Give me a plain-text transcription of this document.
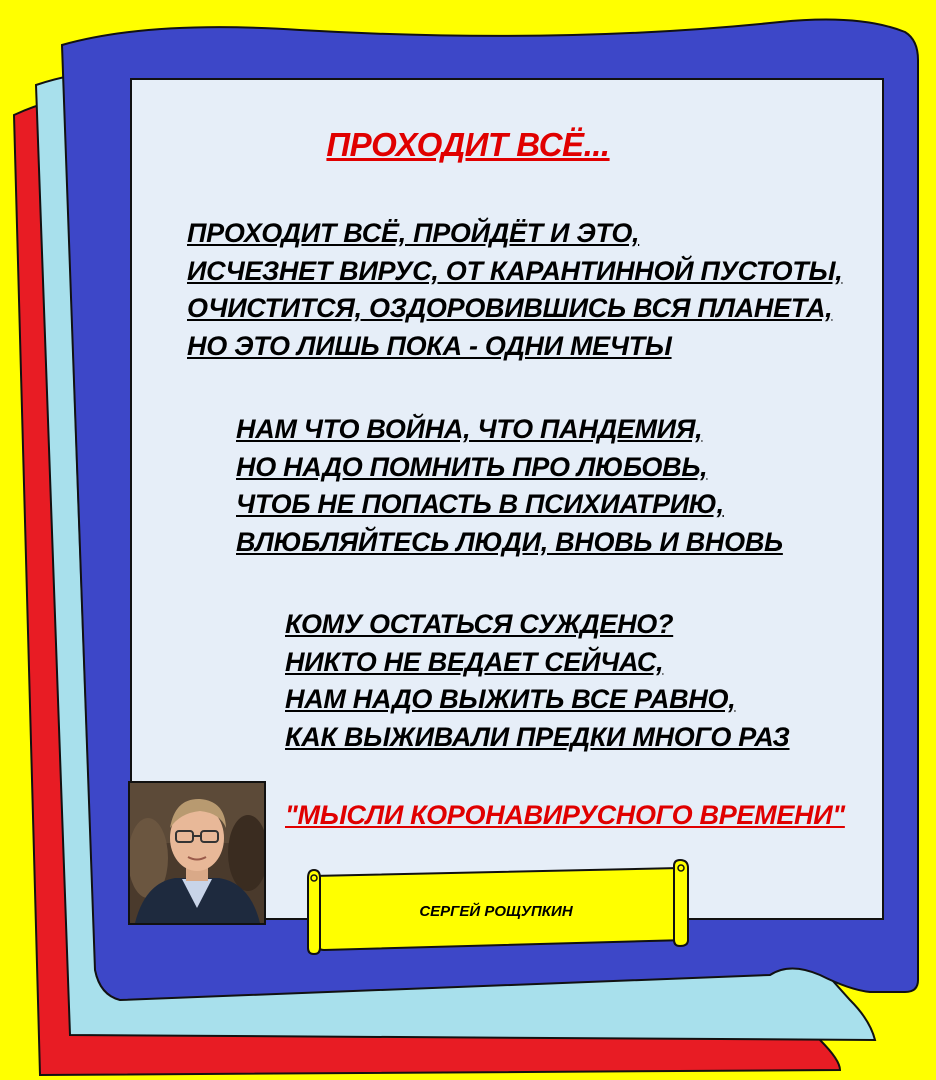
ПРОХОДИТ ВСЁ...
ПРОХОДИТ ВСЁ, ПРОЙДЁТ И ЭТО,
ИСЧЕЗНЕТ ВИРУС, ОТ КАРАНТИННОЙ ПУСТОТЫ,
ОЧИСТИТСЯ, ОЗДОРОВИВШИСЬ ВСЯ ПЛАНЕТА,
НО ЭТО ЛИШЬ ПОКА - ОДНИ МЕЧТЫ
НАМ ЧТО ВОЙНА, ЧТО ПАНДЕМИЯ,
НО НАДО ПОМНИТЬ ПРО ЛЮБОВЬ,
ЧТОБ НЕ ПОПАСТЬ В ПСИХИАТРИЮ,
ВЛЮБЛЯЙТЕСЬ ЛЮДИ, ВНОВЬ И ВНОВЬ
КОМУ ОСТАТЬСЯ СУЖДЕНО?
НИКТО НЕ ВЕДАЕТ СЕЙЧАС,
НАМ НАДО ВЫЖИТЬ ВСЕ РАВНО,
КАК ВЫЖИВАЛИ ПРЕДКИ МНОГО РАЗ

"МЫСЛИ КОРОНАВИРУСНОГО ВРЕМЕНИ"

СЕРГЕЙ РОЩУПКИН
